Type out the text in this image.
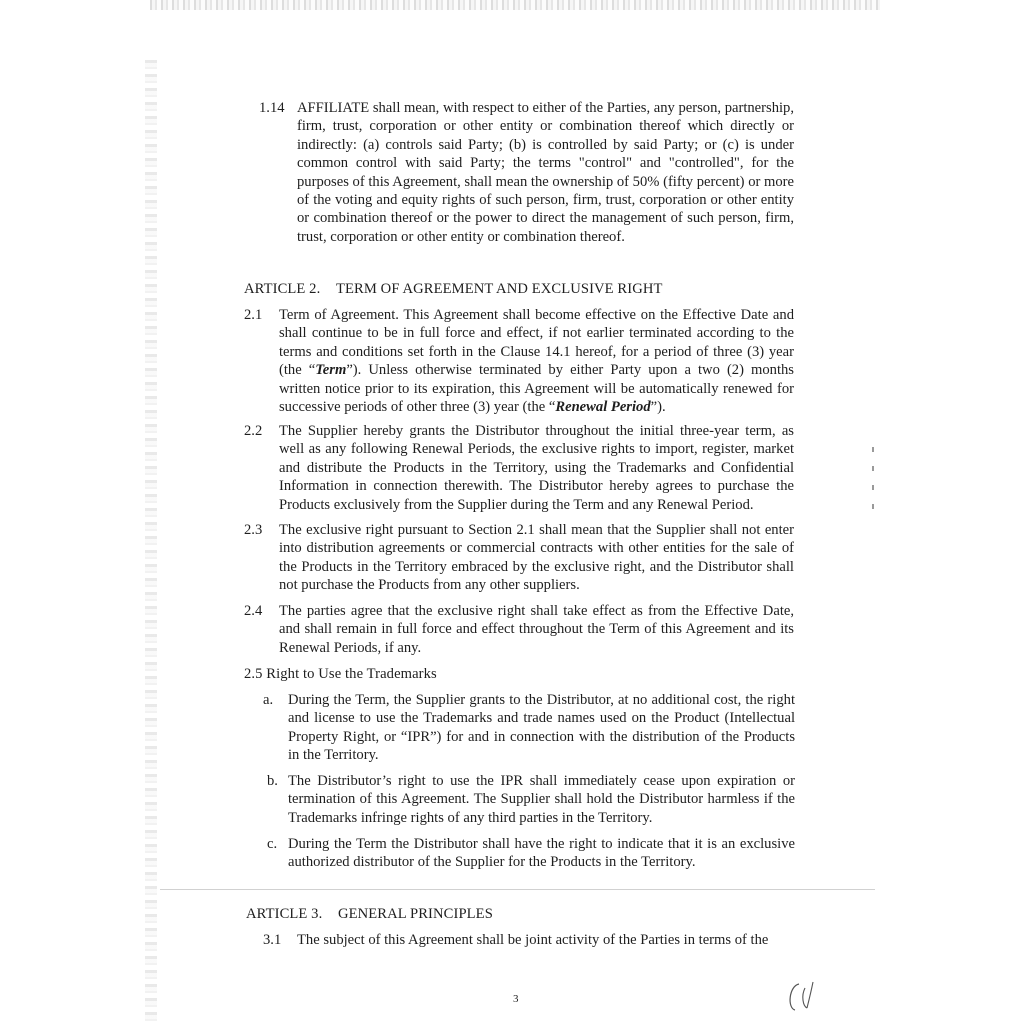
1.14 AFFILIATE shall mean, with respect to either of the Parties, any person, partnership, firm, trust, corporation or other entity or combination thereof which directly or indirectly: (a) controls said Party; (b) is controlled by said Party; or (c) is under common control with said Party; the terms "control" and "controlled", for the purposes of this Agreement, shall mean the ownership of 50% (fifty percent) or more of the voting and equity rights of such person, firm, trust, corporation or other entity or combination thereof or the power to direct the management of such person, firm, trust, corporation or other entity or combination thereof.

ARTICLE 2. TERM OF AGREEMENT AND EXCLUSIVE RIGHT

2.1 Term of Agreement. This Agreement shall become effective on the Effective Date and shall continue to be in full force and effect, if not earlier terminated according to the terms and conditions set forth in the Clause 14.1 hereof, for a period of three (3) year (the “Term”). Unless otherwise terminated by either Party upon a two (2) months written notice prior to its expiration, this Agreement will be automatically renewed for successive periods of other three (3) year (the “Renewal Period”).

2.2 The Supplier hereby grants the Distributor throughout the initial three-year term, as well as any following Renewal Periods, the exclusive rights to import, register, market and distribute the Products in the Territory, using the Trademarks and Confidential Information in connection therewith. The Distributor hereby agrees to purchase the Products exclusively from the Supplier during the Term and any Renewal Period.

2.3 The exclusive right pursuant to Section 2.1 shall mean that the Supplier shall not enter into distribution agreements or commercial contracts with other entities for the sale of the Products in the Territory embraced by the exclusive right, and the Distributor shall not purchase the Products from any other suppliers.

2.4 The parties agree that the exclusive right shall take effect as from the Effective Date, and shall remain in full force and effect throughout the Term of this Agreement and its Renewal Periods, if any.

2.5 Right to Use the Trademarks

a. During the Term, the Supplier grants to the Distributor, at no additional cost, the right and license to use the Trademarks and trade names used on the Product (Intellectual Property Right, or “IPR”) for and in connection with the distribution of the Products in the Territory.

b. The Distributor’s right to use the IPR shall immediately cease upon expiration or termination of this Agreement. The Supplier shall hold the Distributor harmless if the Trademarks infringe rights of any third parties in the Territory.

c. During the Term the Distributor shall have the right to indicate that it is an exclusive authorized distributor of the Supplier for the Products in the Territory.

ARTICLE 3. GENERAL PRINCIPLES

3.1 The subject of this Agreement shall be joint activity of the Parties in terms of the

3
